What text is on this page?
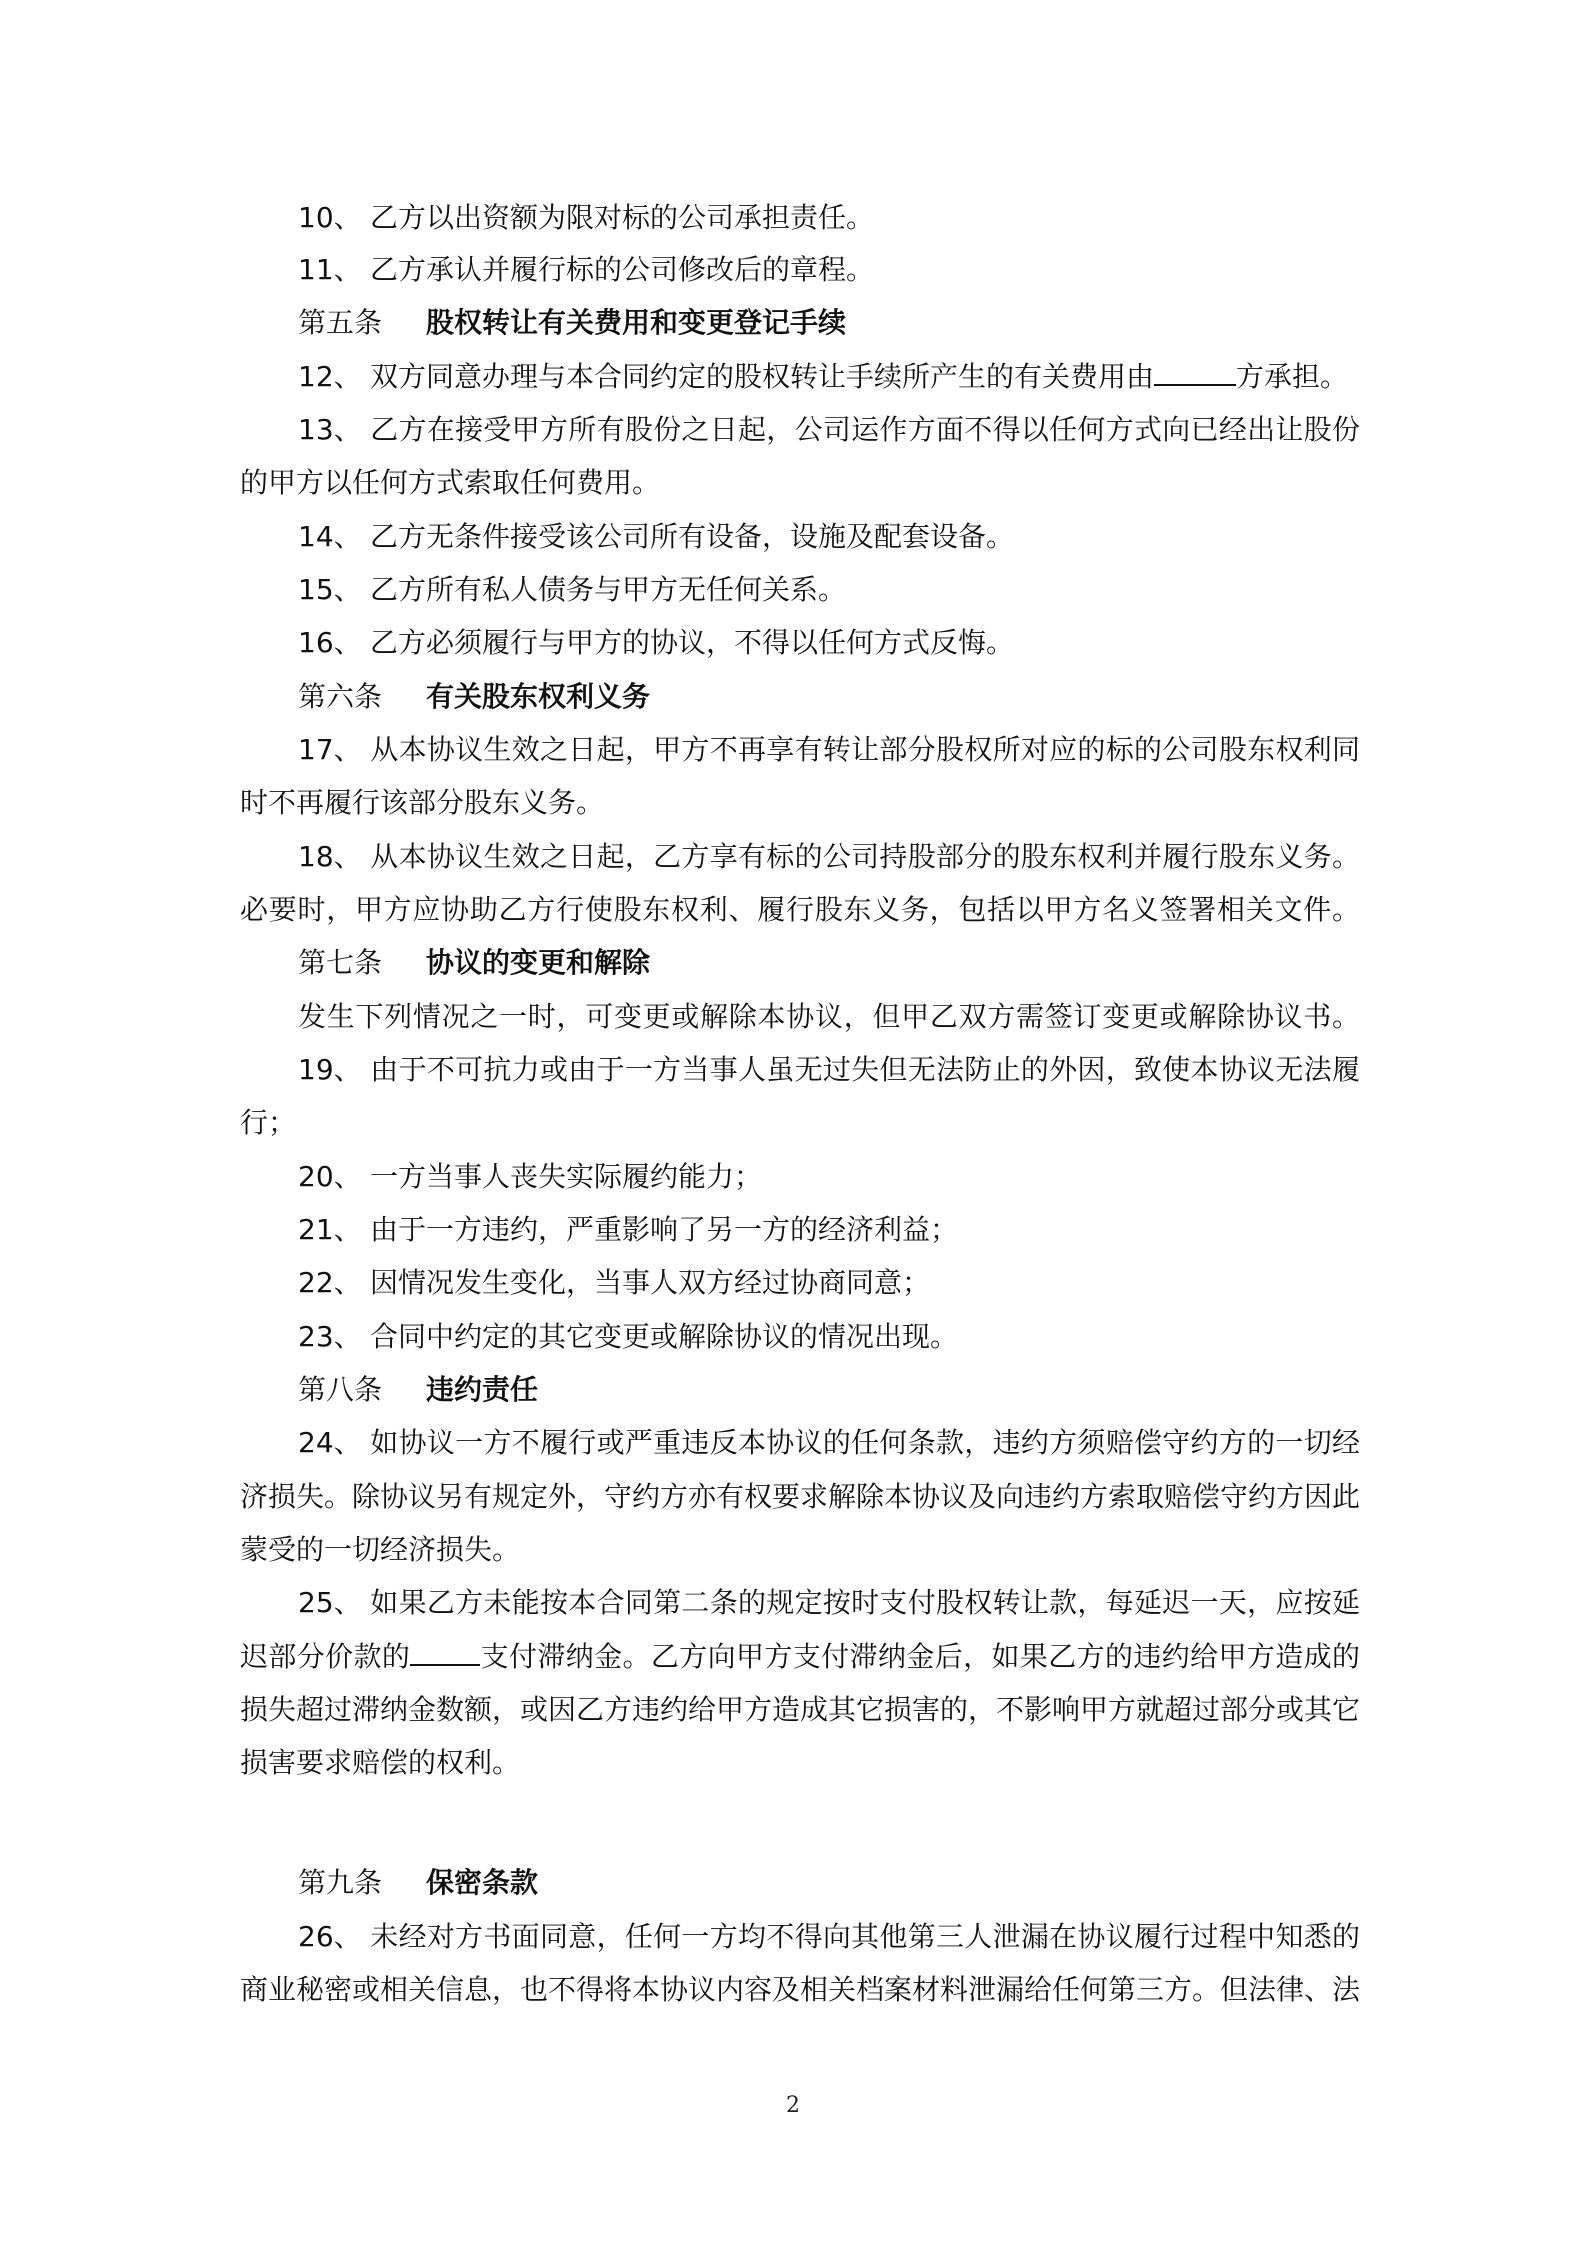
10、 乙方以出资额为限对标的公司承担责任。
11、 乙方承认并履行标的公司修改后的章程。
第五条 股权转让有关费用和变更登记手续
12、 双方同意办理与本合同约定的股权转让手续所产生的有关费用由	方承担。
13、 乙方在接受甲方所有股份之日起，公司运作方面不得以任何方式向已经出让股份
的甲方以任何方式索取任何费用。
14、 乙方无条件接受该公司所有设备，设施及配套设备。
15、 乙方所有私人债务与甲方无任何关系。
16、 乙方必须履行与甲方的协议，不得以任何方式反悔。
第六条 有关股东权利义务
17、 从本协议生效之日起，甲方不再享有转让部分股权所对应的标的公司股东权利同
时不再履行该部分股东义务。
18、 从本协议生效之日起，乙方享有标的公司持股部分的股东权利并履行股东义务。
必要时，甲方应协助乙方行使股东权利、履行股东义务，包括以甲方名义签署相关文件。
第七条 协议的变更和解除
发生下列情况之一时，可变更或解除本协议，但甲乙双方需签订变更或解除协议书。
19、 由于不可抗力或由于一方当事人虽无过失但无法防止的外因，致使本协议无法履
行；
20、 一方当事人丧失实际履约能力；
21、 由于一方违约，严重影响了另一方的经济利益；
22、 因情况发生变化，当事人双方经过协商同意；
23、 合同中约定的其它变更或解除协议的情况出现。
第八条 违约责任
24、 如协议一方不履行或严重违反本协议的任何条款，违约方须赔偿守约方的一切经
济损失。除协议另有规定外，守约方亦有权要求解除本协议及向违约方索取赔偿守约方因此
蒙受的一切经济损失。
25、 如果乙方未能按本合同第二条的规定按时支付股权转让款，每延迟一天，应按延
迟部分价款的	支付滞纳金。乙方向甲方支付滞纳金后，如果乙方的违约给甲方造成的
损失超过滞纳金数额，或因乙方违约给甲方造成其它损害的，不影响甲方就超过部分或其它
损害要求赔偿的权利。
第九条 保密条款
26、 未经对方书面同意，任何一方均不得向其他第三人泄漏在协议履行过程中知悉的
商业秘密或相关信息，也不得将本协议内容及相关档案材料泄漏给任何第三方。但法律、法
2
